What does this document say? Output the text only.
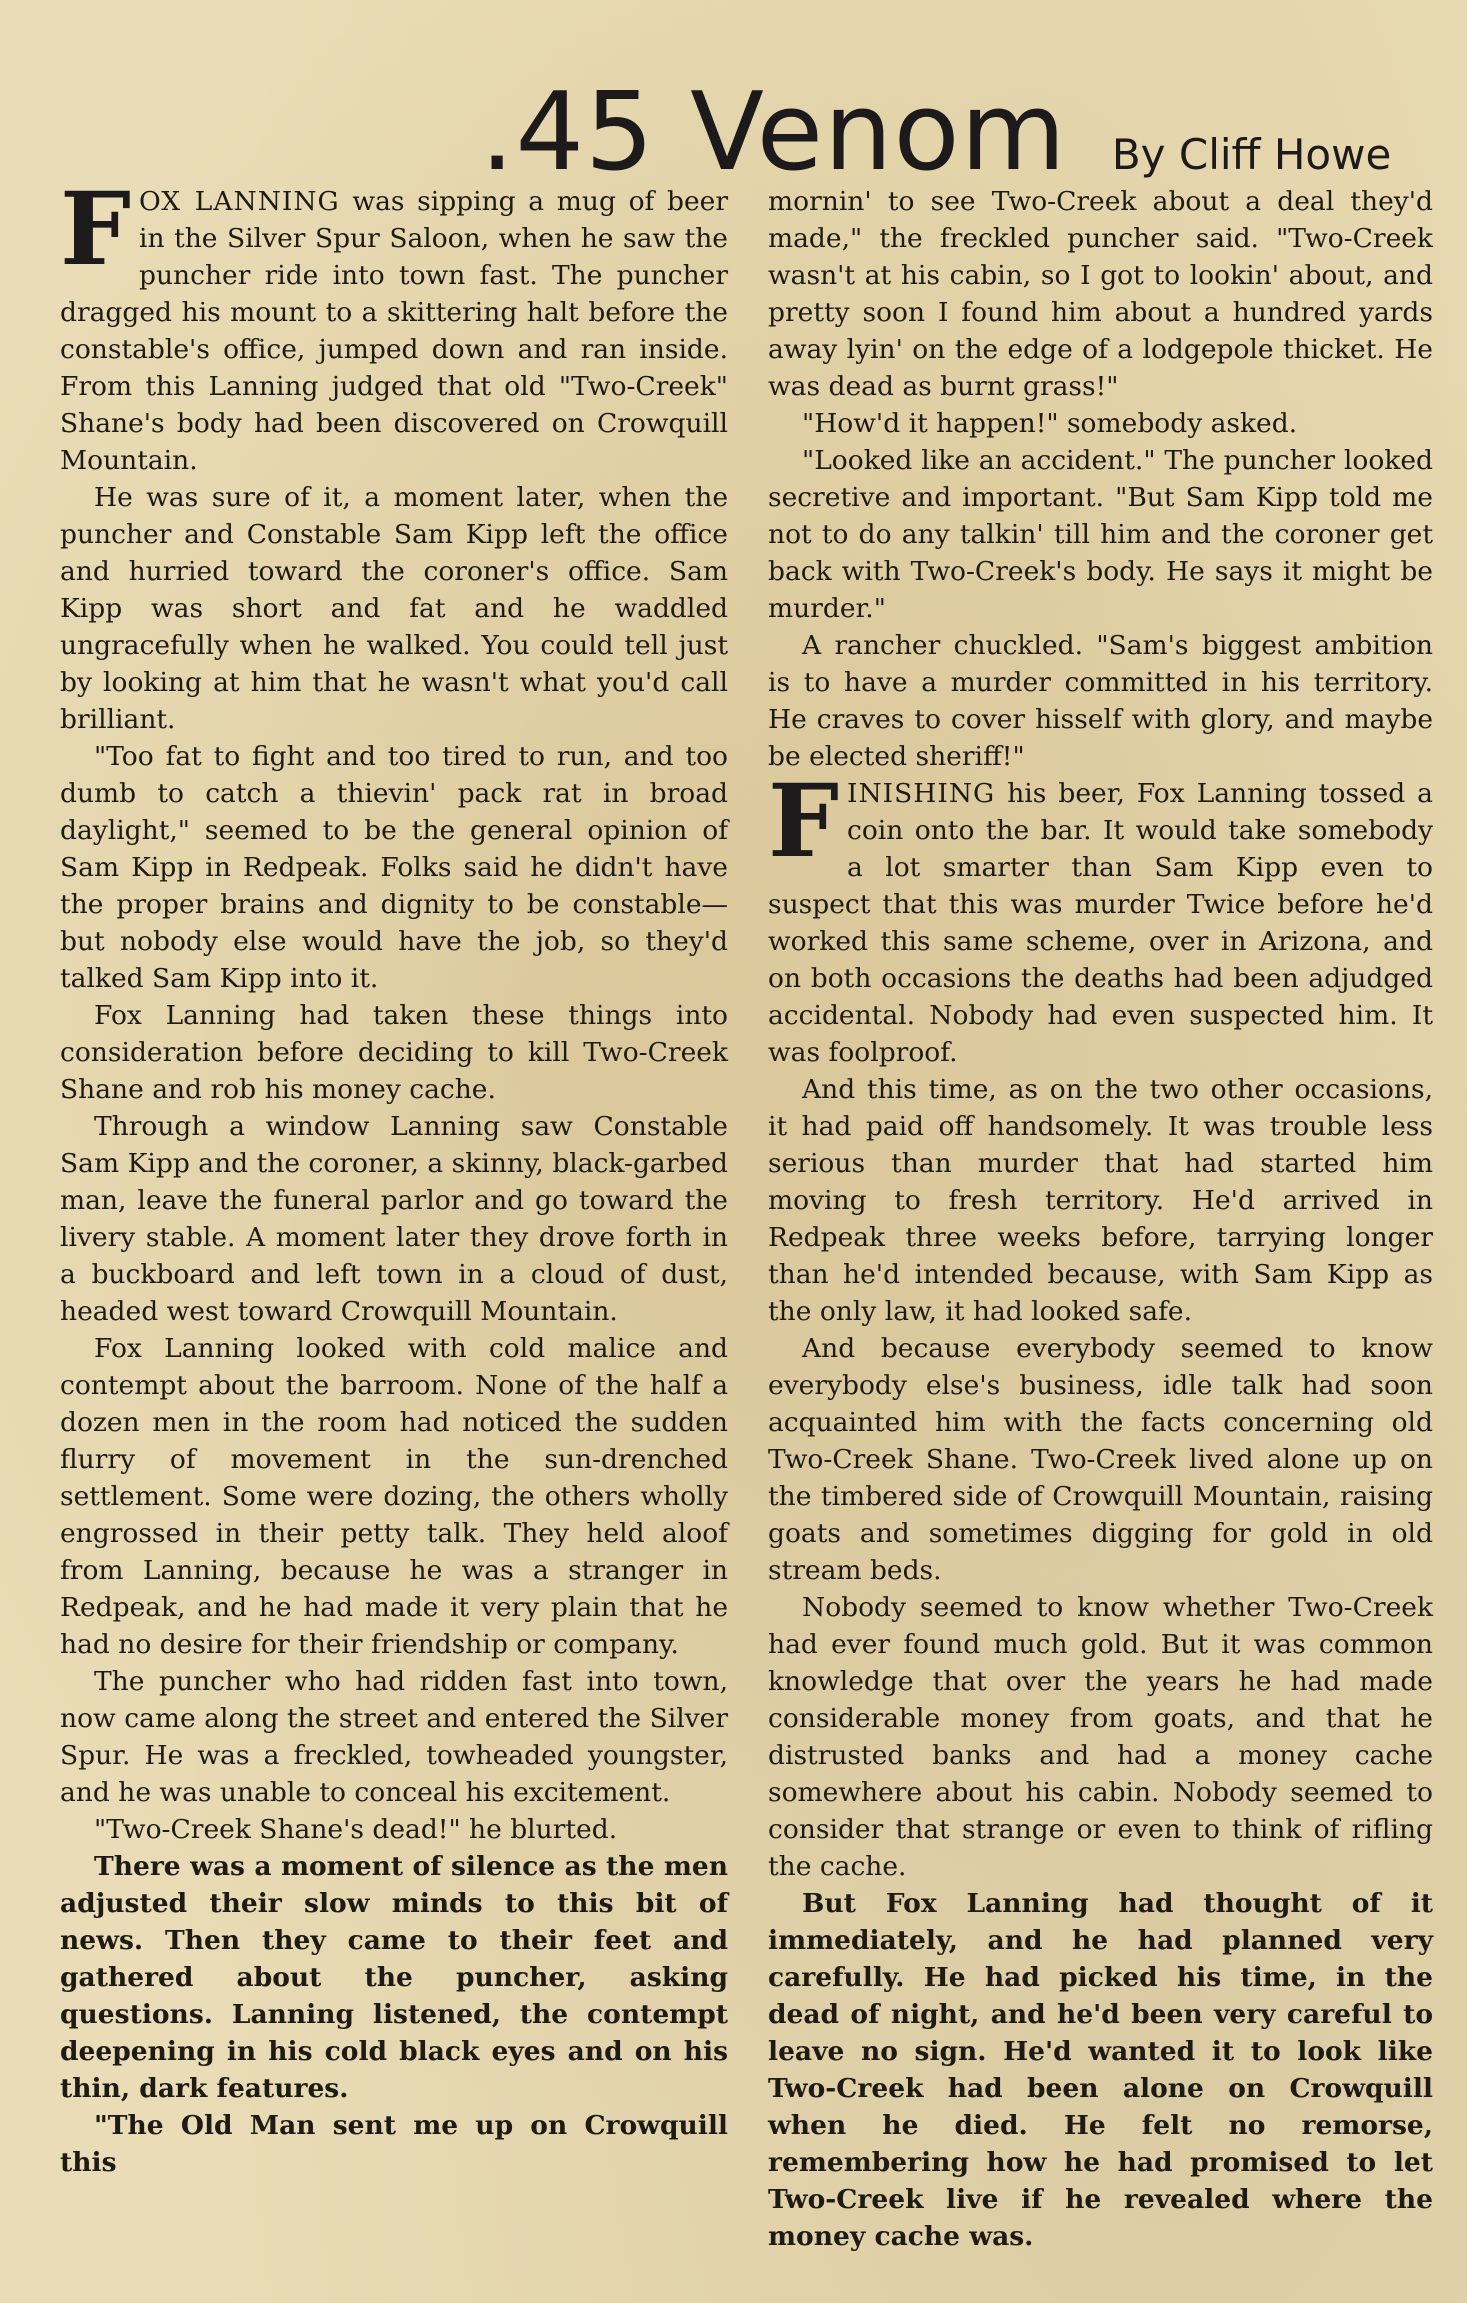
.45 Venom By Cliff Howe

FOX LANNING was sipping a mug of beer in the Silver Spur Saloon, when he saw the puncher ride into town fast. The puncher dragged his mount to a skittering halt before the constable's office, jumped down and ran inside. From this Lanning judged that old "Two-Creek" Shane's body had been discovered on Crowquill Mountain.

He was sure of it, a moment later, when the puncher and Constable Sam Kipp left the office and hurried toward the coroner's office. Sam Kipp was short and fat and he waddled ungracefully when he walked. You could tell just by looking at him that he wasn't what you'd call brilliant.

"Too fat to fight and too tired to run, and too dumb to catch a thievin' pack rat in broad daylight," seemed to be the general opinion of Sam Kipp in Redpeak. Folks said he didn't have the proper brains and dignity to be constable—but nobody else would have the job, so they'd talked Sam Kipp into it.

Fox Lanning had taken these things into consideration before deciding to kill Two-Creek Shane and rob his money cache.

Through a window Lanning saw Constable Sam Kipp and the coroner, a skinny, black-garbed man, leave the funeral parlor and go toward the livery stable. A moment later they drove forth in a buckboard and left town in a cloud of dust, headed west toward Crowquill Mountain.

Fox Lanning looked with cold malice and contempt about the barroom. None of the half a dozen men in the room had noticed the sudden flurry of movement in the sun-drenched settlement. Some were dozing, the others wholly engrossed in their petty talk. They held aloof from Lanning, because he was a stranger in Redpeak, and he had made it very plain that he had no desire for their friendship or company.

The puncher who had ridden fast into town, now came along the street and entered the Silver Spur. He was a freckled, towheaded youngster, and he was unable to conceal his excitement.

"Two-Creek Shane's dead!" he blurted.

There was a moment of silence as the men adjusted their slow minds to this bit of news. Then they came to their feet and gathered about the puncher, asking questions. Lanning listened, the contempt deepening in his cold black eyes and on his thin, dark features.

"The Old Man sent me up on Crowquill this

mornin' to see Two-Creek about a deal they'd made," the freckled puncher said. "Two-Creek wasn't at his cabin, so I got to lookin' about, and pretty soon I found him about a hundred yards away lyin' on the edge of a lodgepole thicket. He was dead as burnt grass!"

"How'd it happen!" somebody asked.

"Looked like an accident." The puncher looked secretive and important. "But Sam Kipp told me not to do any talkin' till him and the coroner get back with Two-Creek's body. He says it might be murder."

A rancher chuckled. "Sam's biggest ambition is to have a murder committed in his territory. He craves to cover hisself with glory, and maybe be elected sheriff!"

FINISHING his beer, Fox Lanning tossed a coin onto the bar. It would take somebody a lot smarter than Sam Kipp even to suspect that this was murder Twice before he'd worked this same scheme, over in Arizona, and on both occasions the deaths had been adjudged accidental. Nobody had even suspected him. It was foolproof.

And this time, as on the two other occasions, it had paid off handsomely. It was trouble less serious than murder that had started him moving to fresh territory. He'd arrived in Redpeak three weeks before, tarrying longer than he'd intended because, with Sam Kipp as the only law, it had looked safe.

And because everybody seemed to know everybody else's business, idle talk had soon acquainted him with the facts concerning old Two-Creek Shane. Two-Creek lived alone up on the timbered side of Crowquill Mountain, raising goats and sometimes digging for gold in old stream beds.

Nobody seemed to know whether Two-Creek had ever found much gold. But it was common knowledge that over the years he had made considerable money from goats, and that he distrusted banks and had a money cache somewhere about his cabin. Nobody seemed to consider that strange or even to think of rifling the cache.

But Fox Lanning had thought of it immediately, and he had planned very carefully. He had picked his time, in the dead of night, and he'd been very careful to leave no sign. He'd wanted it to look like Two-Creek had been alone on Crowquill when he died. He felt no remorse, remembering how he had promised to let Two-Creek live if he revealed where the money cache was.
